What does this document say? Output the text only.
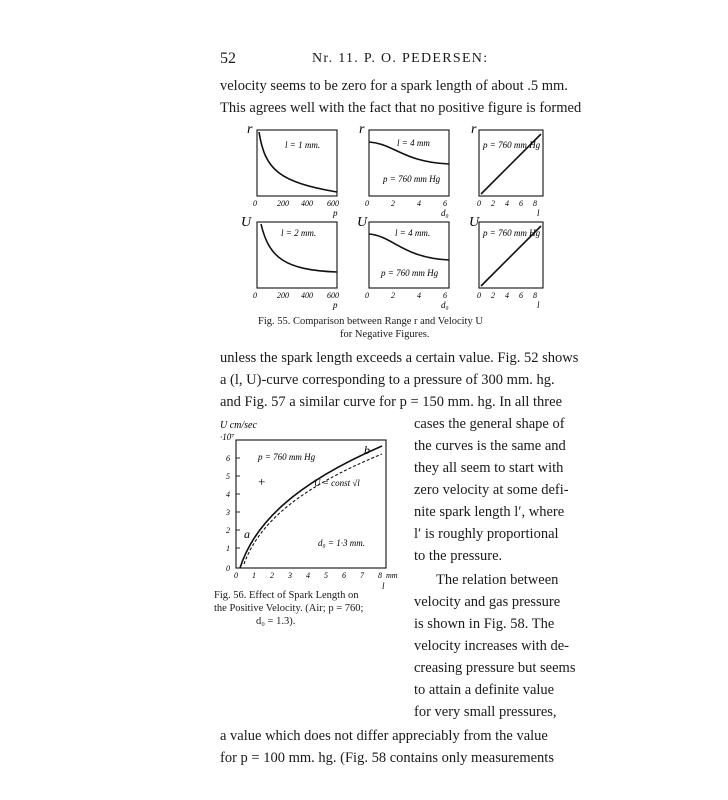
52	Nr. 11. P. O. PEDERSEN:
velocity seems to be zero for a spark length of about .5 mm.
This agrees well with the fact that no positive figure is formed
r
l = 1 mm.
0	200 400 600
p
r
l = 4 mm
p = 760 mm Hg
0	2	4	6
d₀
r
p = 760 mm Hg
0 2 4 6 8
l
U
l = 2 mm.
0	200 400 600
p
U
l = 4 mm.
p = 760 mm Hg
0	2	4	6
d₀
U
p = 760 mm Hg
0 2 4 6 8
l
Fig. 55. Comparison between Range r and Velocity U
for Negative Figures.
unless the spark length exceeds a certain value. Fig. 52 shows
a (l, U)-curve corresponding to a pressure of 300 mm. hg.
and Fig. 57 a similar curve for p = 150 mm. hg. In all three
U cm/sec
·10⁷
0
1
2
3
4
5
6
0 1 2 3 4 5 6 7 8 mm
l
p = 760 mm Hg
U = const √l
d₀ = 1·3 mm.
b
a
+
Fig. 56. Effect of Spark Length on
the Positive Velocity. (Air; p = 760;
d₀ = 1.3).
cases the general shape of
the curves is the same and
they all seem to start with
zero velocity at some defi-
nite spark length l′, where
l′ is roughly proportional
to the pressure.
The relation between
velocity and gas pressure
is shown in Fig. 58. The
velocity increases with de-
creasing pressure but seems
to attain a definite value
for very small pressures,
a value which does not differ appreciably from the value
for p = 100 mm. hg. (Fig. 58 contains only measurements
